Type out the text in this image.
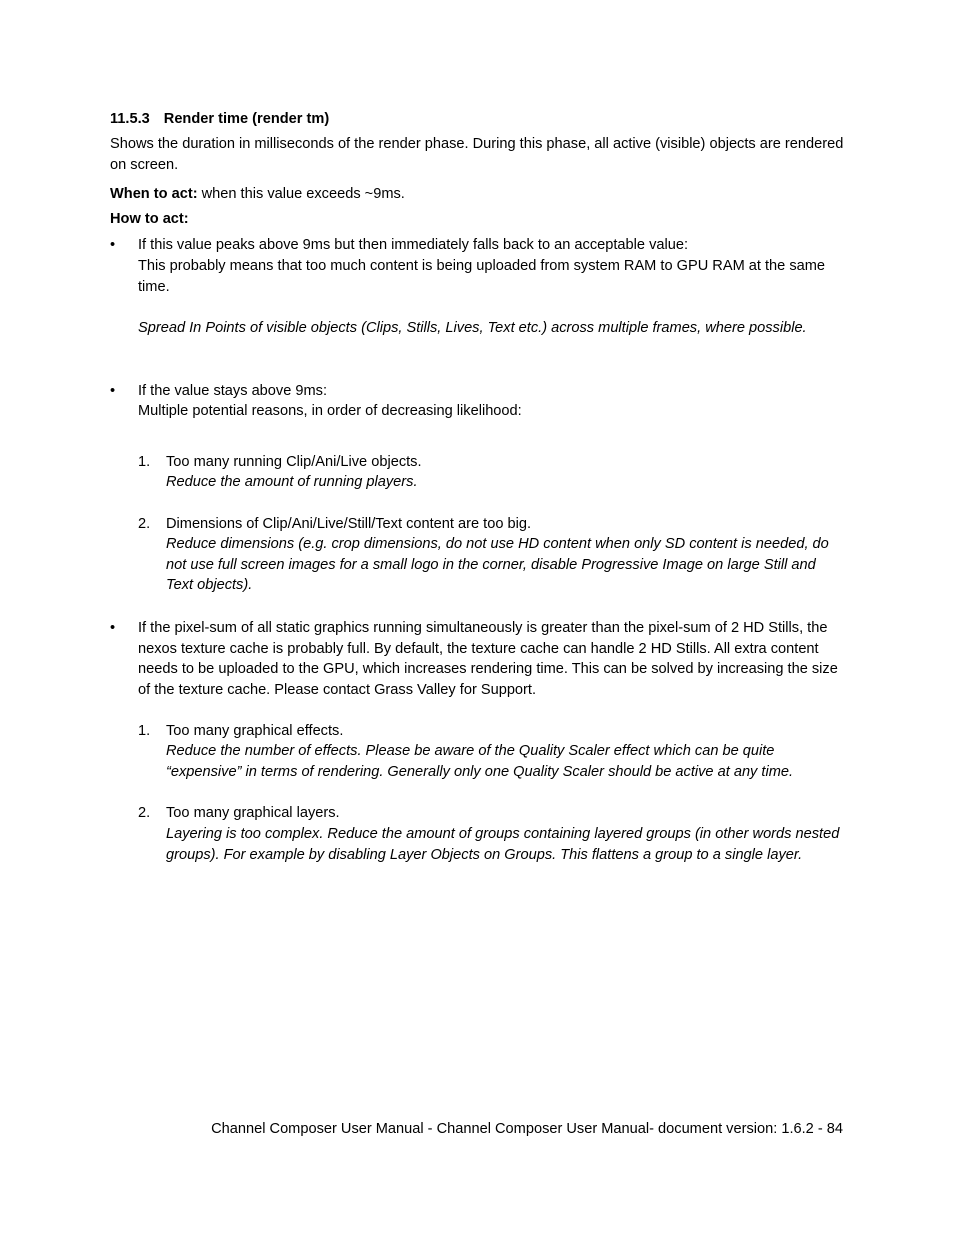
11.5.3 Render time (render tm)
Shows the duration in milliseconds of the render phase. During this phase, all active (visible) objects are rendered on screen.
When to act: when this value exceeds ~9ms.
How to act:
• If this value peaks above 9ms but then immediately falls back to an acceptable value:
This probably means that too much content is being uploaded from system RAM to GPU RAM at the same time.
Spread In Points of visible objects (Clips, Stills, Lives, Text etc.) across multiple frames, where possible.
• If the value stays above 9ms:
Multiple potential reasons, in order of decreasing likelihood:
1. Too many running Clip/Ani/Live objects.
Reduce the amount of running players.
2. Dimensions of Clip/Ani/Live/Still/Text content are too big.
Reduce dimensions (e.g. crop dimensions, do not use HD content when only SD content is needed, do not use full screen images for a small logo in the corner, disable Progressive Image on large Still and Text objects).
• If the pixel-sum of all static graphics running simultaneously is greater than the pixel-sum of 2 HD Stills, the nexos texture cache is probably full. By default, the texture cache can handle 2 HD Stills. All extra content needs to be uploaded to the GPU, which increases rendering time. This can be solved by increasing the size of the texture cache. Please contact Grass Valley for Support.
1. Too many graphical effects.
Reduce the number of effects. Please be aware of the Quality Scaler effect which can be quite “expensive” in terms of rendering. Generally only one Quality Scaler should be active at any time.
2. Too many graphical layers.
Layering is too complex. Reduce the amount of groups containing layered groups (in other words nested groups). For example by disabling Layer Objects on Groups. This flattens a group to a single layer.
Channel Composer User Manual - Channel Composer User Manual- document version: 1.6.2 - 84
